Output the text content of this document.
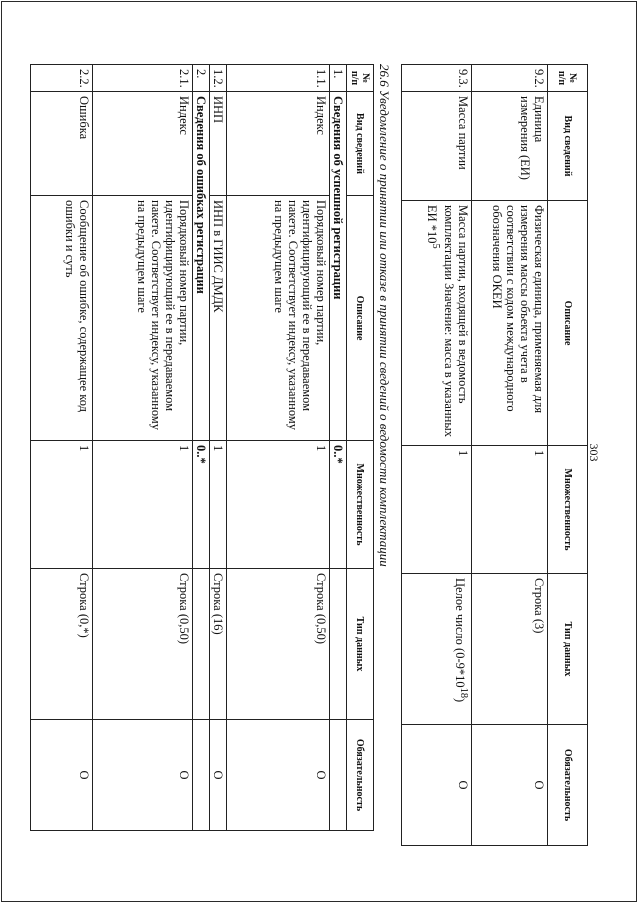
303
№ п/п	Вид сведений	Описание	Множественность	Тип данных	Обязательность
9.2.	Единица измерения (ЕИ)	Физическая единица, применяемая для измерения массы объекта учета в соответствии с кодом международного обозначения ОКЕИ	1	Строка (3)	О
9.3.	Масса партии	Масса партии, входящей в ведомость комплектации Значение: масса в указанных ЕИ $*10^5$	1	Целое число $(0-9*10^{18})$	О
26.6 Уведомление о принятии или отказе в принятии сведений о ведомости комплектации
№ п/п	Вид сведений	Описание	Множественность	Тип данных	Обязательность
1.	Сведения об успешной регистрации		0..*		
1.1.	Индекс	Порядковый номер партии, идентифицирующий ее в передаваемом пакете. Соответствует индексу, указанному на предыдущем шаге	1	Строка (0,50)	О
1.2.	ИНП	ИНП в ГИИС ДМДК	1	Строка (16)	О
2.	Сведения об ошибках регистрации		0..*		
2.1.	Индекс	Порядковый номер партии, идентифицирующий ее в передаваемом пакете. Соответствует индексу, указанному на предыдущем шаге	1	Строка (0,50)	О
2.2.	Ошибка	Сообщение об ошибке, содержащее код ошибки и суть	1	Строка (0,*)	О
